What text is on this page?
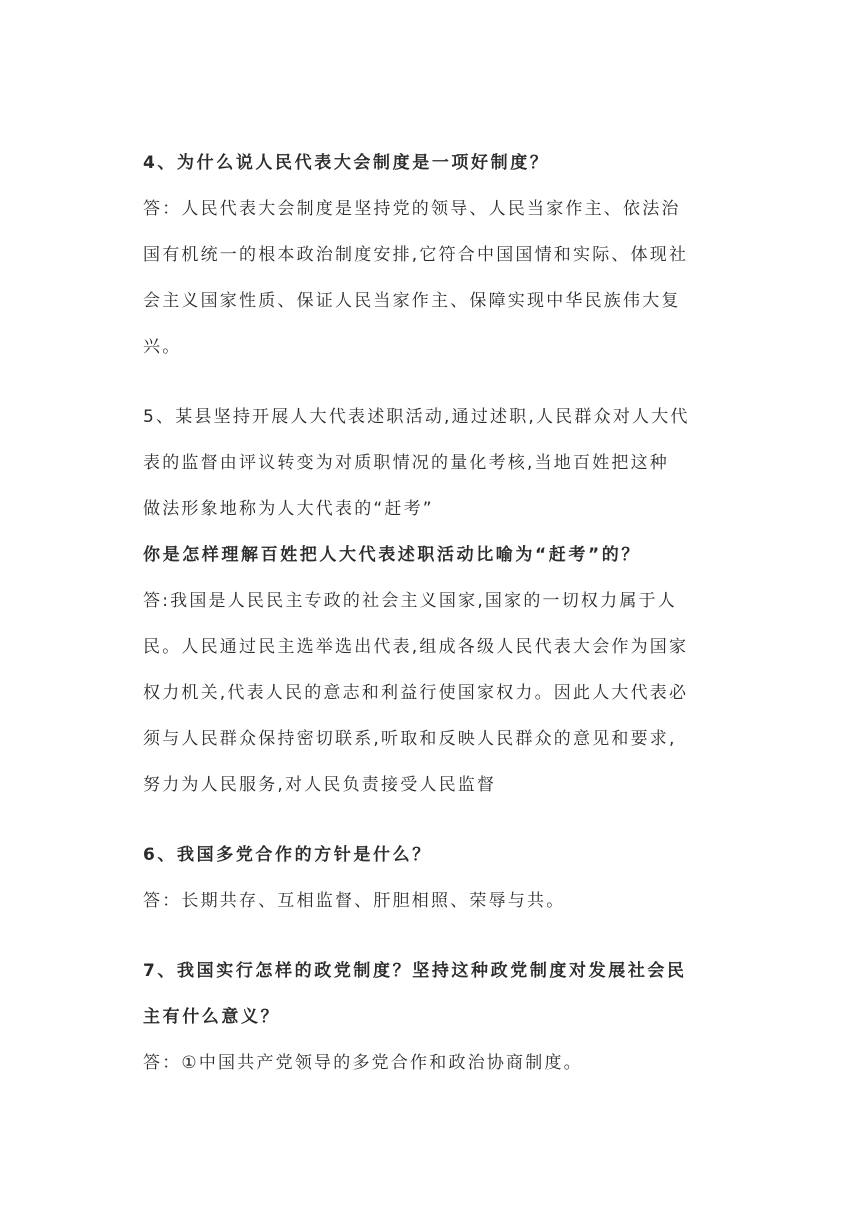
4、为什么说人民代表大会制度是一项好制度？
答：人民代表大会制度是坚持党的领导、人民当家作主、依法治
国有机统一的根本政治制度安排,它符合中国国情和实际、体现社
会主义国家性质、保证人民当家作主、保障实现中华民族伟大复
兴。
5、某县坚持开展人大代表述职活动,通过述职,人民群众对人大代
表的监督由评议转变为对质职情况的量化考核,当地百姓把这种
做法形象地称为人大代表的“赶考”
你是怎样理解百姓把人大代表述职活动比喻为“赶考”的？
答:我国是人民民主专政的社会主义国家,国家的一切权力属于人
民。人民通过民主选举选出代表,组成各级人民代表大会作为国家
权力机关,代表人民的意志和利益行使国家权力。因此人大代表必
须与人民群众保持密切联系,听取和反映人民群众的意见和要求,
努力为人民服务,对人民负责接受人民监督
6、我国多党合作的方针是什么？
答：长期共存、互相监督、肝胆相照、荣辱与共。
7、我国实行怎样的政党制度？坚持这种政党制度对发展社会民
主有什么意义？
答：①中国共产党领导的多党合作和政治协商制度。
